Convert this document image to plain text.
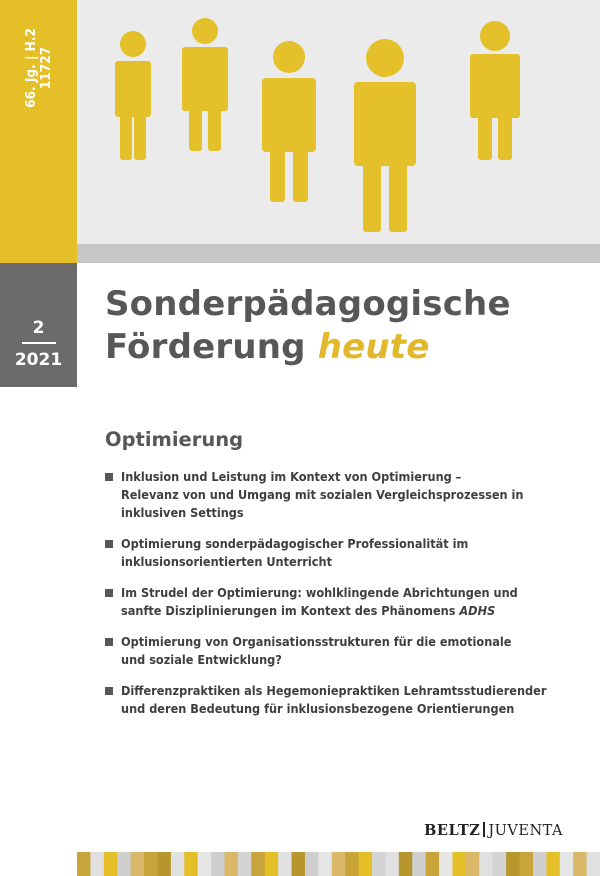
66. Jg. | H.2 11727
2
2021
Sonderpädagogische
Förderung heute
Optimierung
Inklusion und Leistung im Kontext von Optimierung –
Relevanz von und Umgang mit sozialen Vergleichsprozessen in
inklusiven Settings
Optimierung sonderpädagogischer Professionalität im
inklusionsorientierten Unterricht
Im Strudel der Optimierung: wohlklingende Abrichtungen und
sanfte Disziplinierungen im Kontext des Phänomens ADHS
Optimierung von Organisationsstrukturen für die emotionale
und soziale Entwicklung?
Differenzpraktiken als Hegemoniepraktiken Lehramtsstudierender
und deren Bedeutung für inklusionsbezogene Orientierungen
BELTZ JUVENTA
